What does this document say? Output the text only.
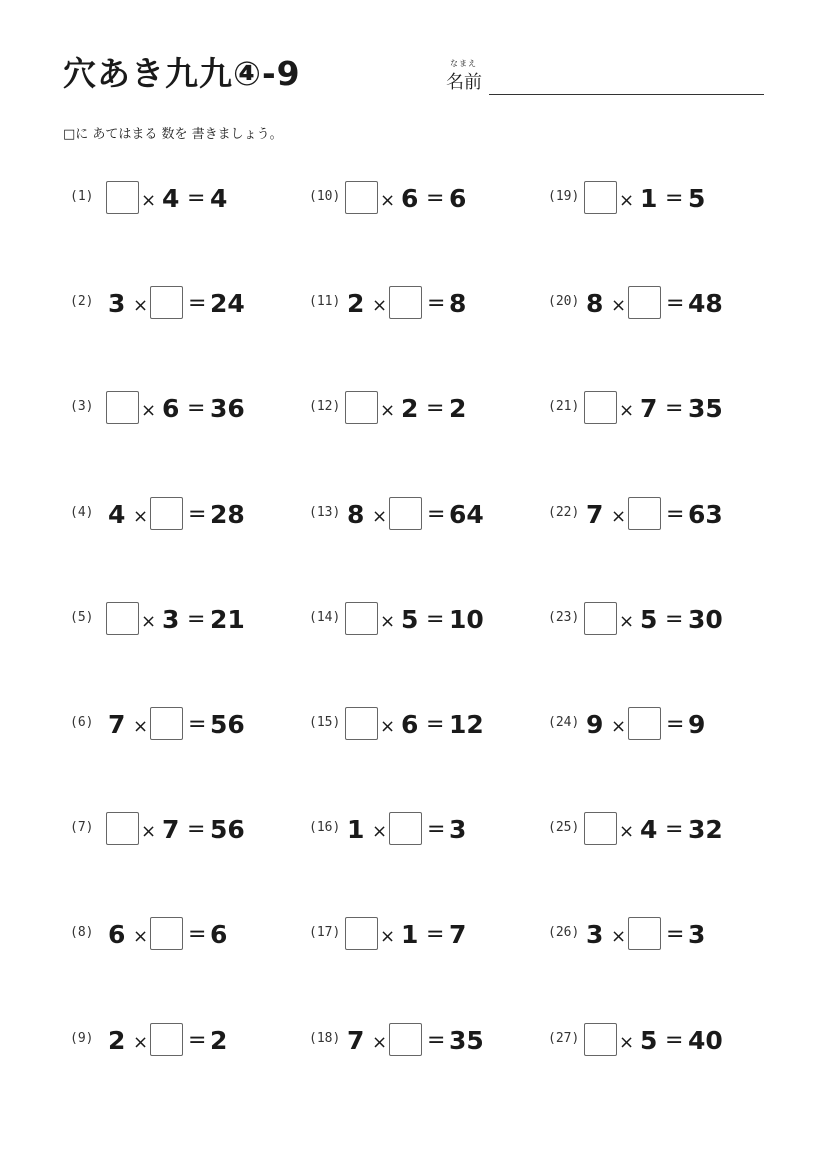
穴あき九九④-9	なまえ
名前
□に あてはまる 数を 書きましょう。
(1)	× 4 = 4
(2) 3 × = 24
(3)	× 6 = 36
(4) 4 × = 28
(5)	× 3 = 21
(6) 7 × = 56
(7)	× 7 = 56
(8) 6 × = 6
(9) 2 × = 2
(10) × 6 = 6
(11) 2 × = 8
(12) × 2 = 2
(13) 8 × = 64
(14) × 5 = 10
(15) × 6 = 12
(16) 1 × = 3
(17) × 1 = 7
(18) 7 × = 35
(19) × 1 = 5
(20) 8 × = 48
(21) × 7 = 35
(22) 7 × = 63
(23) × 5 = 30
(24) 9 × = 9
(25) × 4 = 32
(26) 3 × = 3
(27) × 5 = 40
